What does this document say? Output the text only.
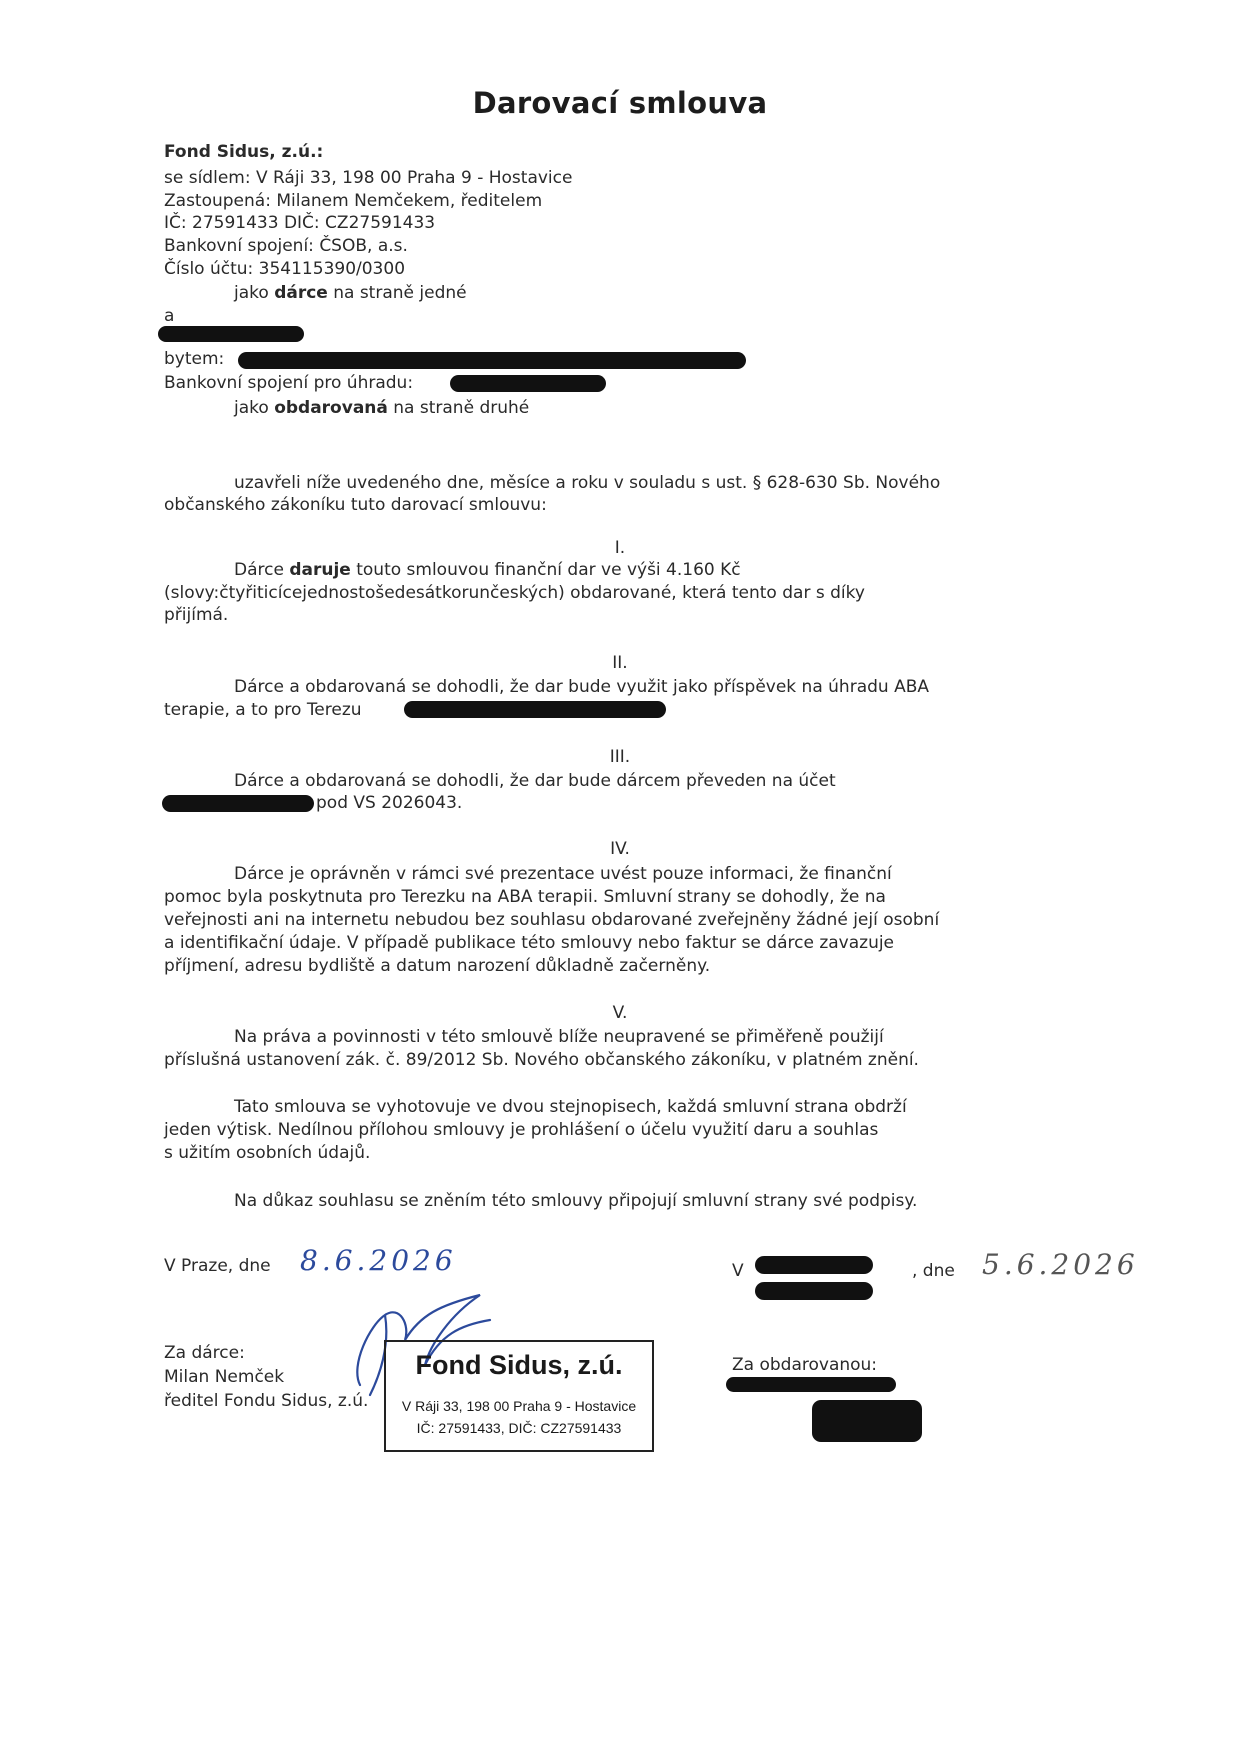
Darovací smlouva
Fond Sidus, z.ú.:
se sídlem: V Ráji 33, 198 00 Praha 9 - Hostavice
Zastoupená: Milanem Nemčekem, ředitelem
IČ: 27591433 DIČ: CZ27591433
Bankovní spojení: ČSOB, a.s.
Číslo účtu: 354115390/0300
jako dárce na straně jedné
a
bytem:
Bankovní spojení pro úhradu:
jako obdarovaná na straně druhé
uzavřeli níže uvedeného dne, měsíce a roku v souladu s ust. § 628-630 Sb. Nového
občanského zákoníku tuto darovací smlouvu:
I.
Dárce daruje touto smlouvou finanční dar ve výši 4.160 Kč
(slovy:čtyřiticícejednostošedesátkorunčeských) obdarované, která tento dar s díky
přijímá.
II.
Dárce a obdarovaná se dohodli, že dar bude využit jako příspěvek na úhradu ABA
terapie, a to pro Terezu
III.
Dárce a obdarovaná se dohodli, že dar bude dárcem převeden na účet
pod VS 2026043.
IV.
Dárce je oprávněn v rámci své prezentace uvést pouze informaci, že finanční
pomoc byla poskytnuta pro Terezku na ABA terapii. Smluvní strany se dohodly, že na
veřejnosti ani na internetu nebudou bez souhlasu obdarované zveřejněny žádné její osobní
a identifikační údaje. V případě publikace této smlouvy nebo faktur se dárce zavazuje
příjmení, adresu bydliště a datum narození důkladně začerněny.
V.
Na práva a povinnosti v této smlouvě blíže neupravené se přiměřeně použijí
příslušná ustanovení zák. č. 89/2012 Sb. Nového občanského zákoníku, v platném znění.
Tato smlouva se vyhotovuje ve dvou stejnopisech, každá smluvní strana obdrží
jeden výtisk. Nedílnou přílohou smlouvy je prohlášení o účelu využití daru a souhlas
s užitím osobních údajů.
Na důkaz souhlasu se zněním této smlouvy připojují smluvní strany své podpisy.
V Praze, dne 8.6.2026	V	, dne 5.6.2026
Za dárce:
Milan Nemček
ředitel Fondu Sidus, z.ú.
Fond Sidus, z.ú.
V Ráji 33, 198 00 Praha 9 - Hostavice
IČ: 27591433, DIČ: CZ27591433
Za obdarovanou:
